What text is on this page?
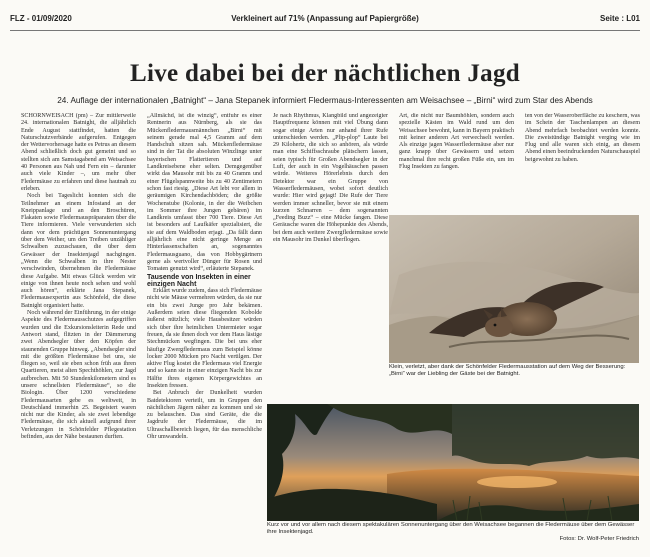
FLZ - 01/09/2020	Verkleinert auf 71% (Anpassung auf Papiergröße)	Seite : L01
Live dabei bei der nächtlichen Jagd
24. Auflage der internationalen „Batnight“ – Jana Stepanek informiert Fledermaus-Interessenten am Weisachsee – „Birni“ wird zum Star des Abends

SCHORNWEISACH (pm) – Zur mittlerweile 24. internationalen Batnight, die alljährlich Ende August stattfindet, hatten die Naturschutzverbände aufgerufen. Entgegen der Wettervorhersage hatte es Petrus an diesem Abend schließlich doch gut gemeint und so stellten sich am Samstagabend am Weisachsee 40 Personen aus Nah und Fern ein – darunter auch viele Kinder –, um mehr über Fledermäuse zu erfahren und diese hautnah zu erleben.

Noch bei Tageslicht konnten sich die Teilnehmer an einem Infostand an der Kneippanlage und an den Broschüren, Flakaten sowie Fledermauspräparaten über die Tiere informieren. Viele verwunderten sich dann vor dem prächtigen Sonnenuntergang über dem Weiher, um den Treiben unzähliger Schwalben zuzuschauen, die über dem Gewässer der Insektenjagd nachgingen. „Wenn die Schwalben in ihre Nester verschwinden, übernehmen die Fledermäuse diese Aufgabe. Mit etwas Glück werden wir einige von ihnen heute noch sehen und wohl auch hören“, erklärte Jana Stepanek, Fledermausexpertin aus Schönfeld, die diese Batnight organisiert hatte.

Noch während der Einführung, in der einige Aspekte des Fledermausschutzes aufgegriffen wurden und die Exkursionsleiterin Rede und Antwort stand, flitzten in der Dämmerung zwei Abendsegler über den Köpfen der staunenden Gruppe hinweg. „Abendsegler sind mit die größten Fledermäuse bei uns, sie fliegen so, weil sie eben schon früh aus ihren Quartieren, meist alten Spechthöhlen, zur Jagd aufbrechen. Mit 50 Stundenkilometern sind es unsere schnellsten Fledermäuse“, so die Biologin. Über 1200 verschiedene Fledermausarten gebe es weltweit, in Deutschland immerhin 25. Begeistert waren nicht nur die Kinder, als sie zwei lebendige Fledermäuse, die sich aktuell aufgrund ihrer Verletzungen in Schönfelder Pflegestation befinden, aus der Nähe bestaunen durften.

„Allmächd, ist die winzig“, entfuhr es einer Rentnerin aus Nürnberg, als sie das Mückenfledermausmännchen „Birni“ mit seinem gerade mal 4,5 Gramm auf dem Handschuh sitzen sah. Mückenfledermäuse sind in der Tat die absoluten Winzlinge unter bayerischen Flattertieren und auf Landkreisebene eher selten. Demgegenüber wirkt das Mausohr mit bis zu 40 Gramm und einer Flügelspannweite bis zu 40 Zentimetern schon fast riesig. „Diese Art lebt vor allem in geräumigen Kirchendachböden; die größte Wochenstube (Kolonie, in der die Weibchen im Sommer ihre Jungen gebären) im Landkreis umfasst über 700 Tiere. Diese Art ist besonders auf Laufkäfer spezialisiert, die sie auf dem Waldboden erjagt. „Da fällt dann alljährlich eine nicht geringe Menge an Hinterlassenschaften an, sogenanntes Fledermausguano, das von Hobbygärtnern gerne als wertvoller Dünger für Rosen und Tomaten genutzt wird“, erläuterte Stepanek.

Tausende von Insekten in einer einzigen Nacht

Erklärt wurde zudem, dass sich Fledermäuse nicht wie Mäuse vermehren würden, da sie nur ein bis zwei Junge pro Jahr bekämen. Außerdem seien diese fliegenden Kobolde äußerst nützlich; viele Hausbesitzer würden sich über ihre heimlichen Untermieter sogar freuen, da sie ihnen doch vor dem Haus lästige Stechmücken wegfingen. Die bei uns eher häufige Zwergfledermaus zum Beispiel könne locker 2000 Mücken pro Nacht vertilgen. Der aktive Flug kostet die Fledermaus viel Energie und so kann sie in einer einzigen Nacht bis zur Hälfte ihres eigenen Körpergewichtes an Insekten fressen.

Bei Anbruch der Dunkelheit wurden Batdetektoren verteilt, um in Gruppen den nächtlichen Jägern näher zu kommen und sie zu belauschen. Das sind Geräte, die die Jagdrufe der Fledermäuse, die im Ultraschallbereich liegen, für das menschliche Ohr umwandeln.

Je nach Rhythmus, Klangbild und angezeigter Hauptfrequenz können mit viel Übung dann sogar einige Arten nur anhand ihrer Rufe unterschieden werden. „Plip-plop“ Laute bei 29 Kilohertz, die sich so anhören, als würde man eine Schiffsschraube plätschern lassen, seien typisch für Großen Abendsegler in der Luft, der auch in ein Vogelhäuschen passen würde. Weiteres Hörerlebnis durch den Detektor war ein Gruppe von Wasserfledermäusen, wobei sofort deutlich wurde: Hier wird gejagt! Die Rufe der Tiere werden immer schneller, bevor sie mit einem kurzen Schnarren – dem sogenannten „Feeding Buzz“ – eine Mücke fangen. Diese Geräusche waren die Höhepunkte des Abends, bei dem auch weitere Zwergfledermäuse sowie ein Mausohr im Dunkel überflogen.

Art, die nicht nur Baumhöhlen, sondern auch spezielle Kästen im Wald rund um den Weisachsee bewohnt, kann in Bayern praktisch mit keiner anderen Art verwechselt werden. Als einzige jagen Wasserfledermäuse aber nur ganz knapp über Gewässern und setzen manchmal ihre recht großen Füße ein, um im Flug Insekten zu fangen.

ten von der Wasseroberfläche zu keschern, was im Schein der Taschenlampen an diesem Abend mehrfach beobachtet werden konnte. Die zweistündige Batnight verging wie im Flug und alle waren sich einig, an diesem Abend einen beeindruckenden Naturschauspiel beigewohnt zu haben.

Klein, verletzt, aber dank der Schönfelder Fledermausstation auf dem Weg der Besserung: „Birni“ war der Liebling der Gäste bei der Batnight.
Kurz vor und vor allem nach diesem spektakulären Sonnenuntergang über den Weisachsee begannen die Fledermäuse über dem Gewässer ihre Insektenjagd.
Fotos: Dr. Wolf-Peter Friedrich
